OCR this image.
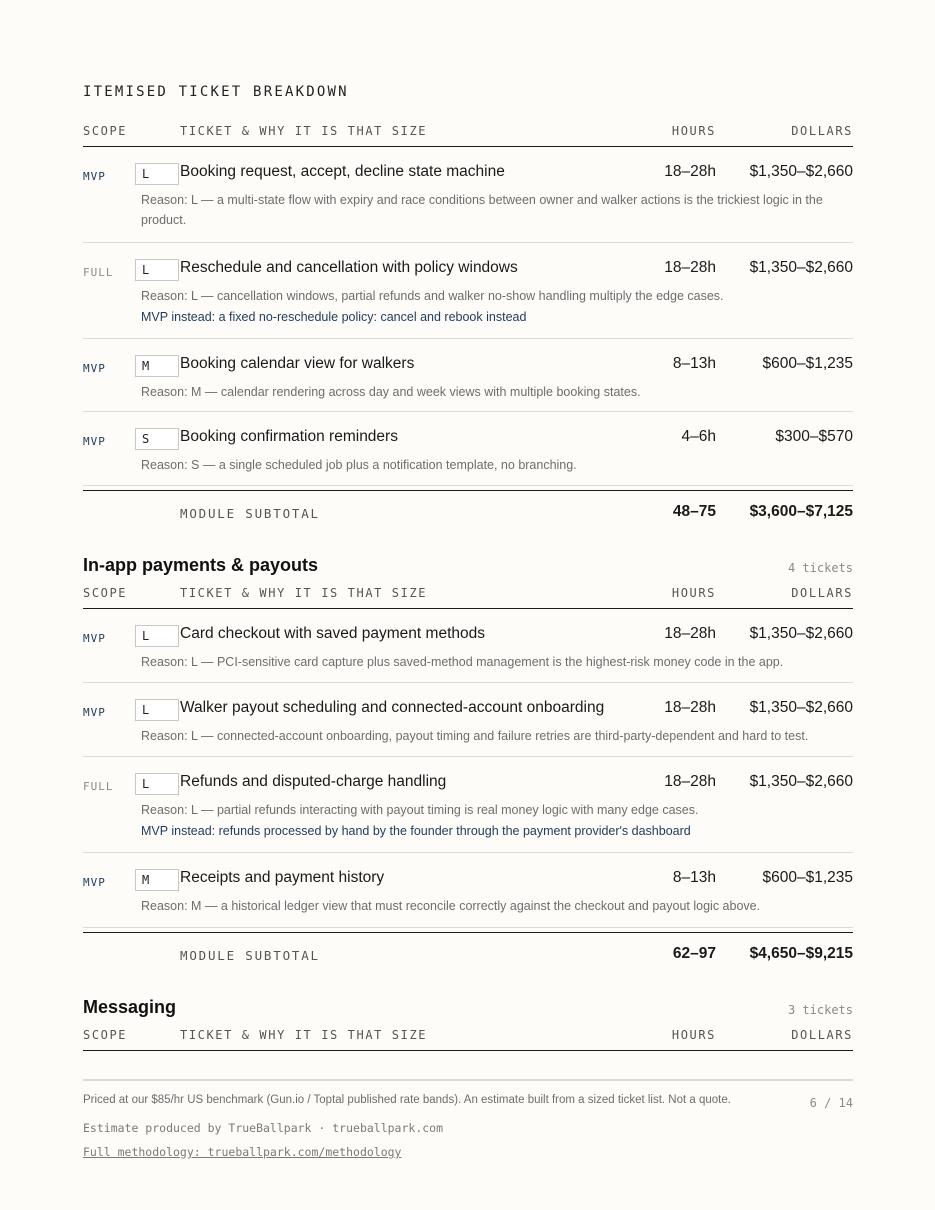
ITEMISED TICKET BREAKDOWN
SCOPE	TICKET & WHY IT IS THAT SIZE	HOURS	DOLLARS
MVP	L	Booking request, accept, decline state machine	18–28h $1,350–$2,660
Reason: L — a multi-state flow with expiry and race conditions between owner and walker actions is the trickiest logic in the product.
FULL	L	Reschedule and cancellation with policy windows	18–28h $1,350–$2,660
Reason: L — cancellation windows, partial refunds and walker no-show handling multiply the edge cases.
MVP instead: a fixed no-reschedule policy: cancel and rebook instead
MVP	M	Booking calendar view for walkers	8–13h	$600–$1,235
Reason: M — calendar rendering across day and week views with multiple booking states.
MVP	S	Booking confirmation reminders	4–6h	$300–$570
Reason: S — a single scheduled job plus a notification template, no branching.
MODULE SUBTOTAL	48–75 $3,600–$7,125
In-app payments & payouts	4 tickets
SCOPE	TICKET & WHY IT IS THAT SIZE	HOURS	DOLLARS
MVP	L	Card checkout with saved payment methods	18–28h $1,350–$2,660
Reason: L — PCI-sensitive card capture plus saved-method management is the highest-risk money code in the app.
MVP	L	Walker payout scheduling and connected-account onboarding	18–28h $1,350–$2,660
Reason: L — connected-account onboarding, payout timing and failure retries are third-party-dependent and hard to test.
FULL	L	Refunds and disputed-charge handling	18–28h $1,350–$2,660
Reason: L — partial refunds interacting with payout timing is real money logic with many edge cases.
MVP instead: refunds processed by hand by the founder through the payment provider's dashboard
MVP	M	Receipts and payment history	8–13h	$600–$1,235
Reason: M — a historical ledger view that must reconcile correctly against the checkout and payout logic above.
MODULE SUBTOTAL	62–97 $4,650–$9,215
Messaging	3 tickets
SCOPE	TICKET & WHY IT IS THAT SIZE	HOURS	DOLLARS
Priced at our $85/hr US benchmark (Gun.io / Toptal published rate bands). An estimate built from a sized ticket list. Not a quote.	6 / 14
Estimate produced by TrueBallpark · trueballpark.com
Full methodology: trueballpark.com/methodology
